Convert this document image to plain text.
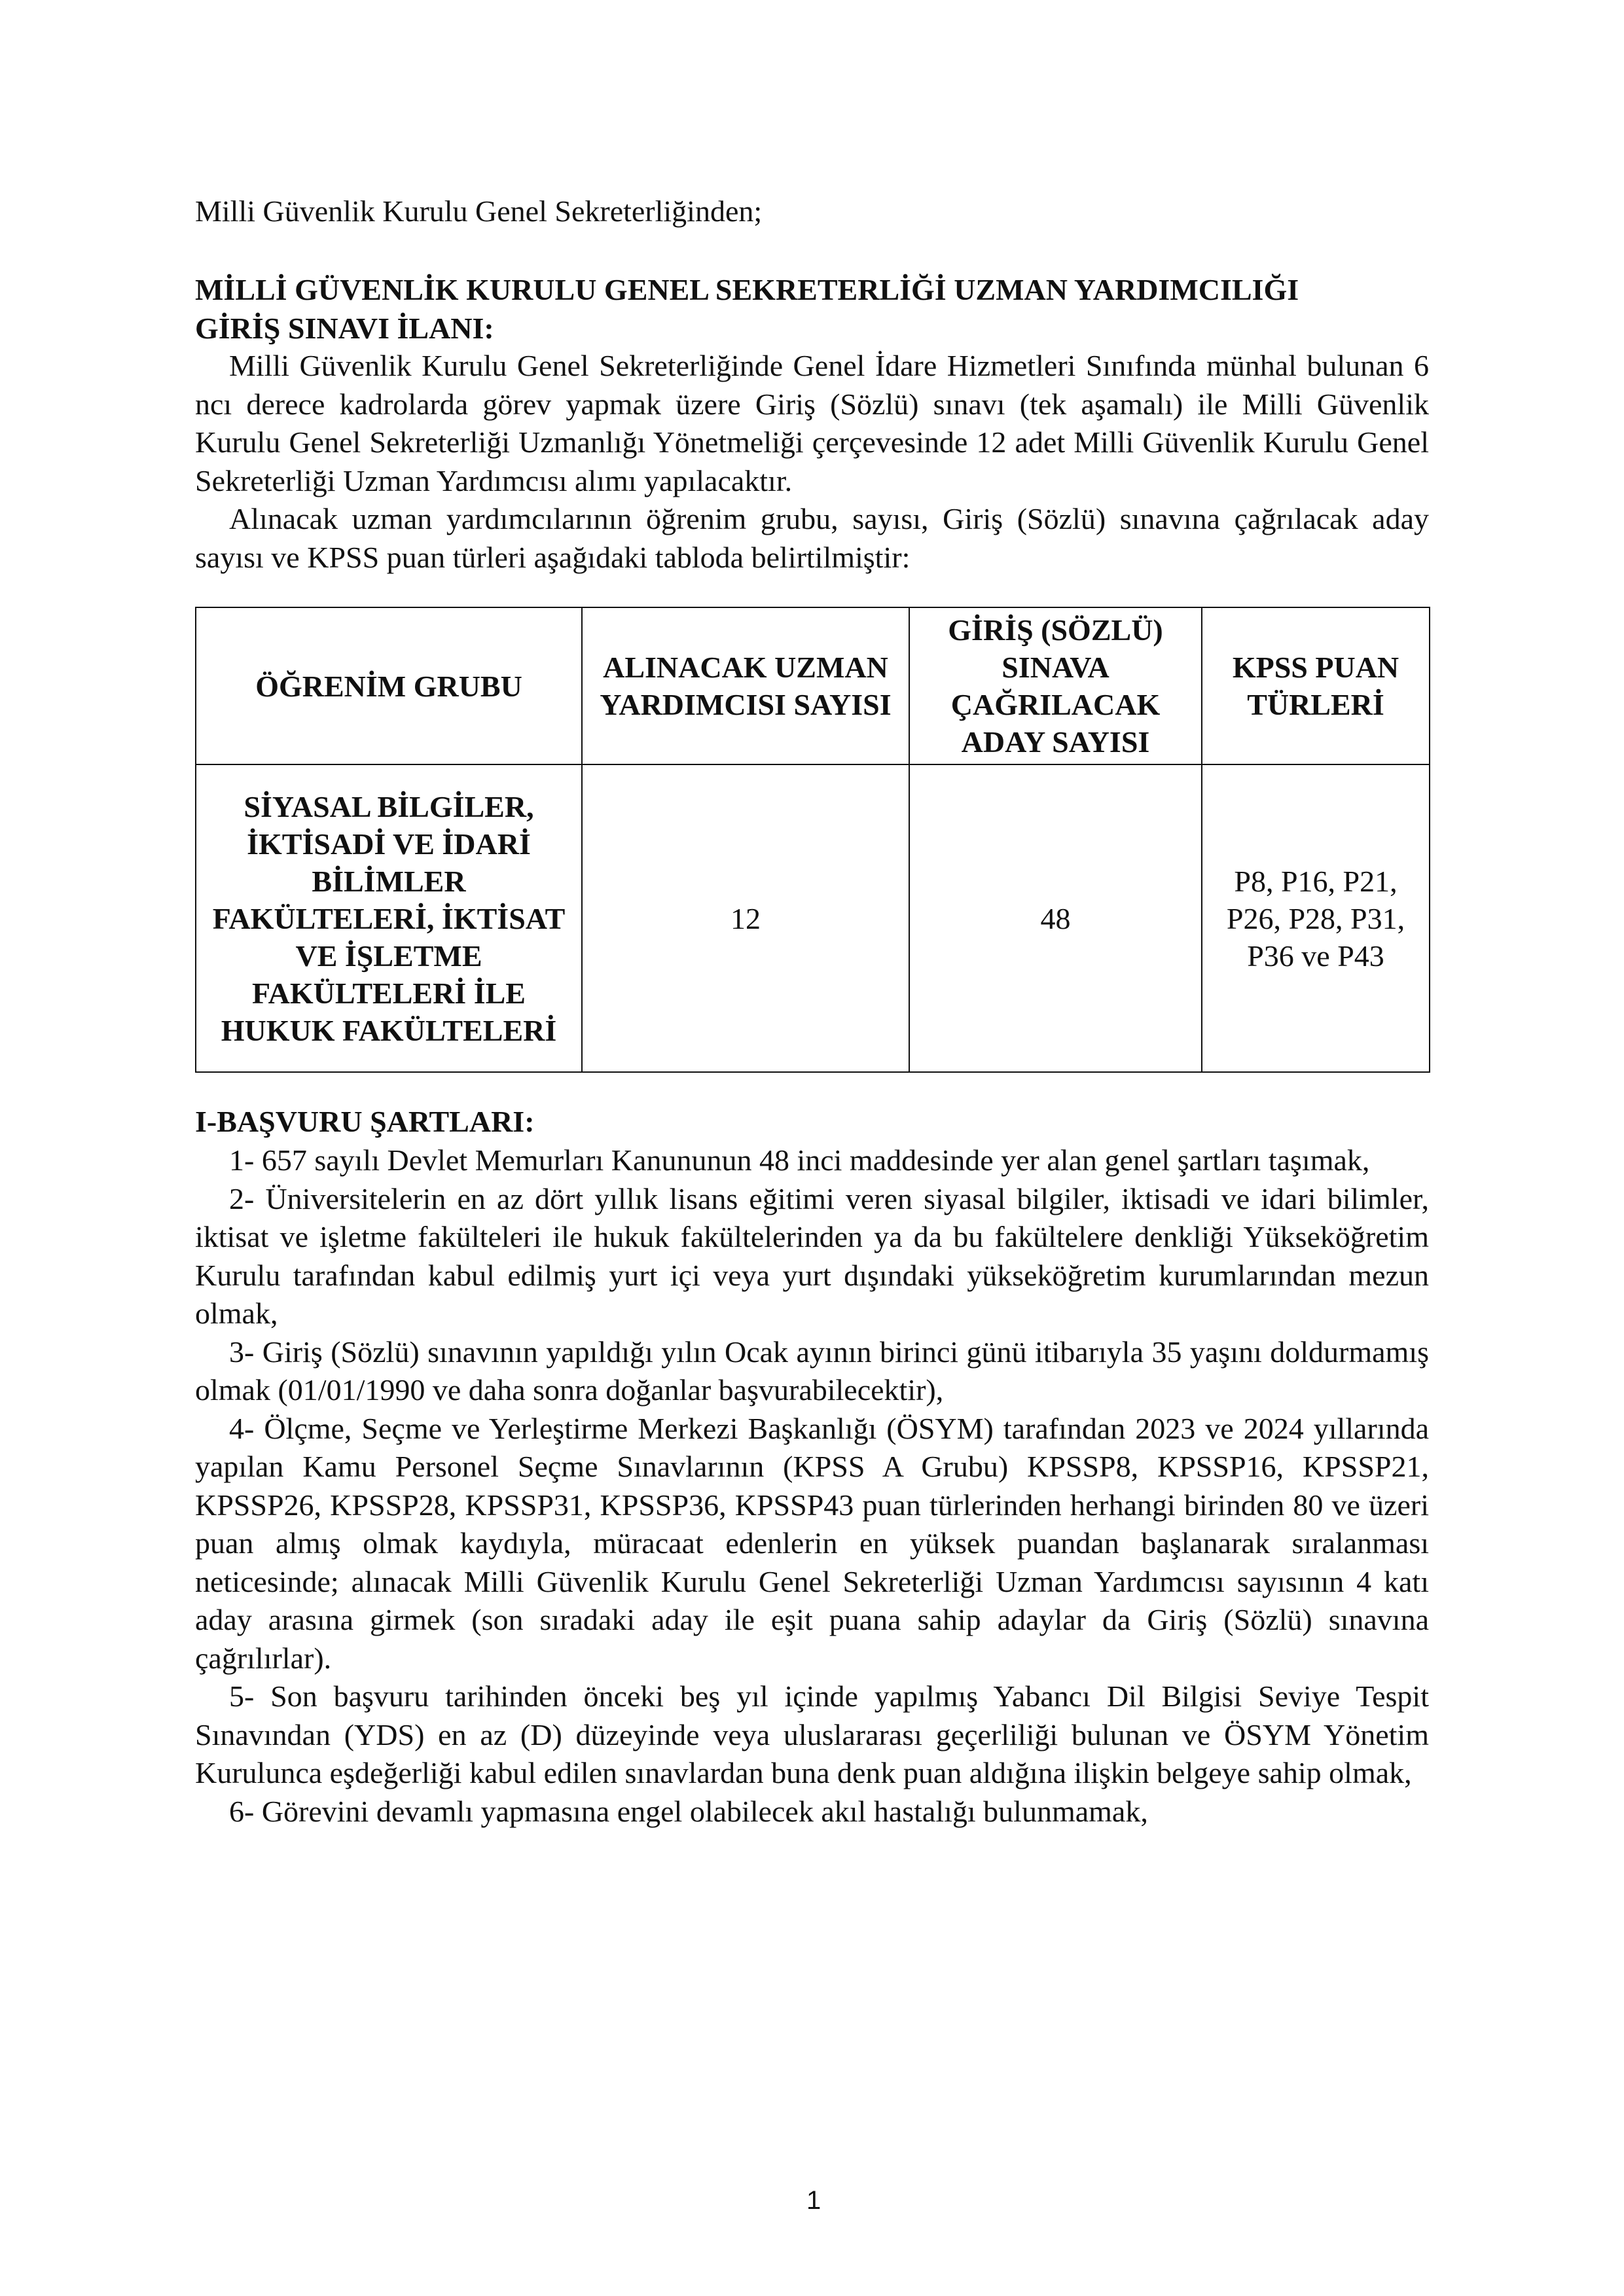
Milli Güvenlik Kurulu Genel Sekreterliğinden;
MİLLİ GÜVENLİK KURULU GENEL SEKRETERLİĞİ UZMAN YARDIMCILIĞI
GİRİŞ SINAVI İLANI:

Milli Güvenlik Kurulu Genel Sekreterliğinde Genel İdare Hizmetleri Sınıfında münhal bulunan 6 ncı derece kadrolarda görev yapmak üzere Giriş (Sözlü) sınavı (tek aşamalı) ile Milli Güvenlik Kurulu Genel Sekreterliği Uzmanlığı Yönetmeliği çerçevesinde 12 adet Milli Güvenlik Kurulu Genel Sekreterliği Uzman Yardımcısı alımı yapılacaktır.

Alınacak uzman yardımcılarının öğrenim grubu, sayısı, Giriş (Sözlü) sınavına çağrılacak aday sayısı ve KPSS puan türleri aşağıdaki tabloda belirtilmiştir:

ÖĞRENİM GRUBU	ALINACAK UZMAN YARDIMCISI SAYISI	GİRİŞ (SÖZLÜ) SINAVA ÇAĞRILACAK ADAY SAYISI	KPSS PUAN TÜRLERİ
SİYASAL BİLGİLER, İKTİSADİ VE İDARİ BİLİMLER FAKÜLTELERİ, İKTİSAT VE İŞLETME FAKÜLTELERİ İLE HUKUK FAKÜLTELERİ	12	48	P8, P16, P21, P26, P28, P31, P36 ve P43
I-BAŞVURU ŞARTLARI:

1- 657 sayılı Devlet Memurları Kanununun 48 inci maddesinde yer alan genel şartları taşımak,

2- Üniversitelerin en az dört yıllık lisans eğitimi veren siyasal bilgiler, iktisadi ve idari bilimler, iktisat ve işletme fakülteleri ile hukuk fakültelerinden ya da bu fakültelere denkliği Yükseköğretim Kurulu tarafından kabul edilmiş yurt içi veya yurt dışındaki yükseköğretim kurumlarından mezun olmak,

3- Giriş (Sözlü) sınavının yapıldığı yılın Ocak ayının birinci günü itibarıyla 35 yaşını doldurmamış olmak (01/01/1990 ve daha sonra doğanlar başvurabilecektir),

4- Ölçme, Seçme ve Yerleştirme Merkezi Başkanlığı (ÖSYM) tarafından 2023 ve 2024 yıllarında yapılan Kamu Personel Seçme Sınavlarının (KPSS A Grubu) KPSSP8, KPSSP16, KPSSP21, KPSSP26, KPSSP28, KPSSP31, KPSSP36, KPSSP43 puan türlerinden herhangi birinden 80 ve üzeri puan almış olmak kaydıyla, müracaat edenlerin en yüksek puandan başlanarak sıralanması neticesinde; alınacak Milli Güvenlik Kurulu Genel Sekreterliği Uzman Yardımcısı sayısının 4 katı aday arasına girmek (son sıradaki aday ile eşit puana sahip adaylar da Giriş (Sözlü) sınavına çağrılırlar).

5- Son başvuru tarihinden önceki beş yıl içinde yapılmış Yabancı Dil Bilgisi Seviye Tespit Sınavından (YDS) en az (D) düzeyinde veya uluslararası geçerliliği bulunan ve ÖSYM Yönetim Kurulunca eşdeğerliği kabul edilen sınavlardan buna denk puan aldığına ilişkin belgeye sahip olmak,

6- Görevini devamlı yapmasına engel olabilecek akıl hastalığı bulunmamak,

1
